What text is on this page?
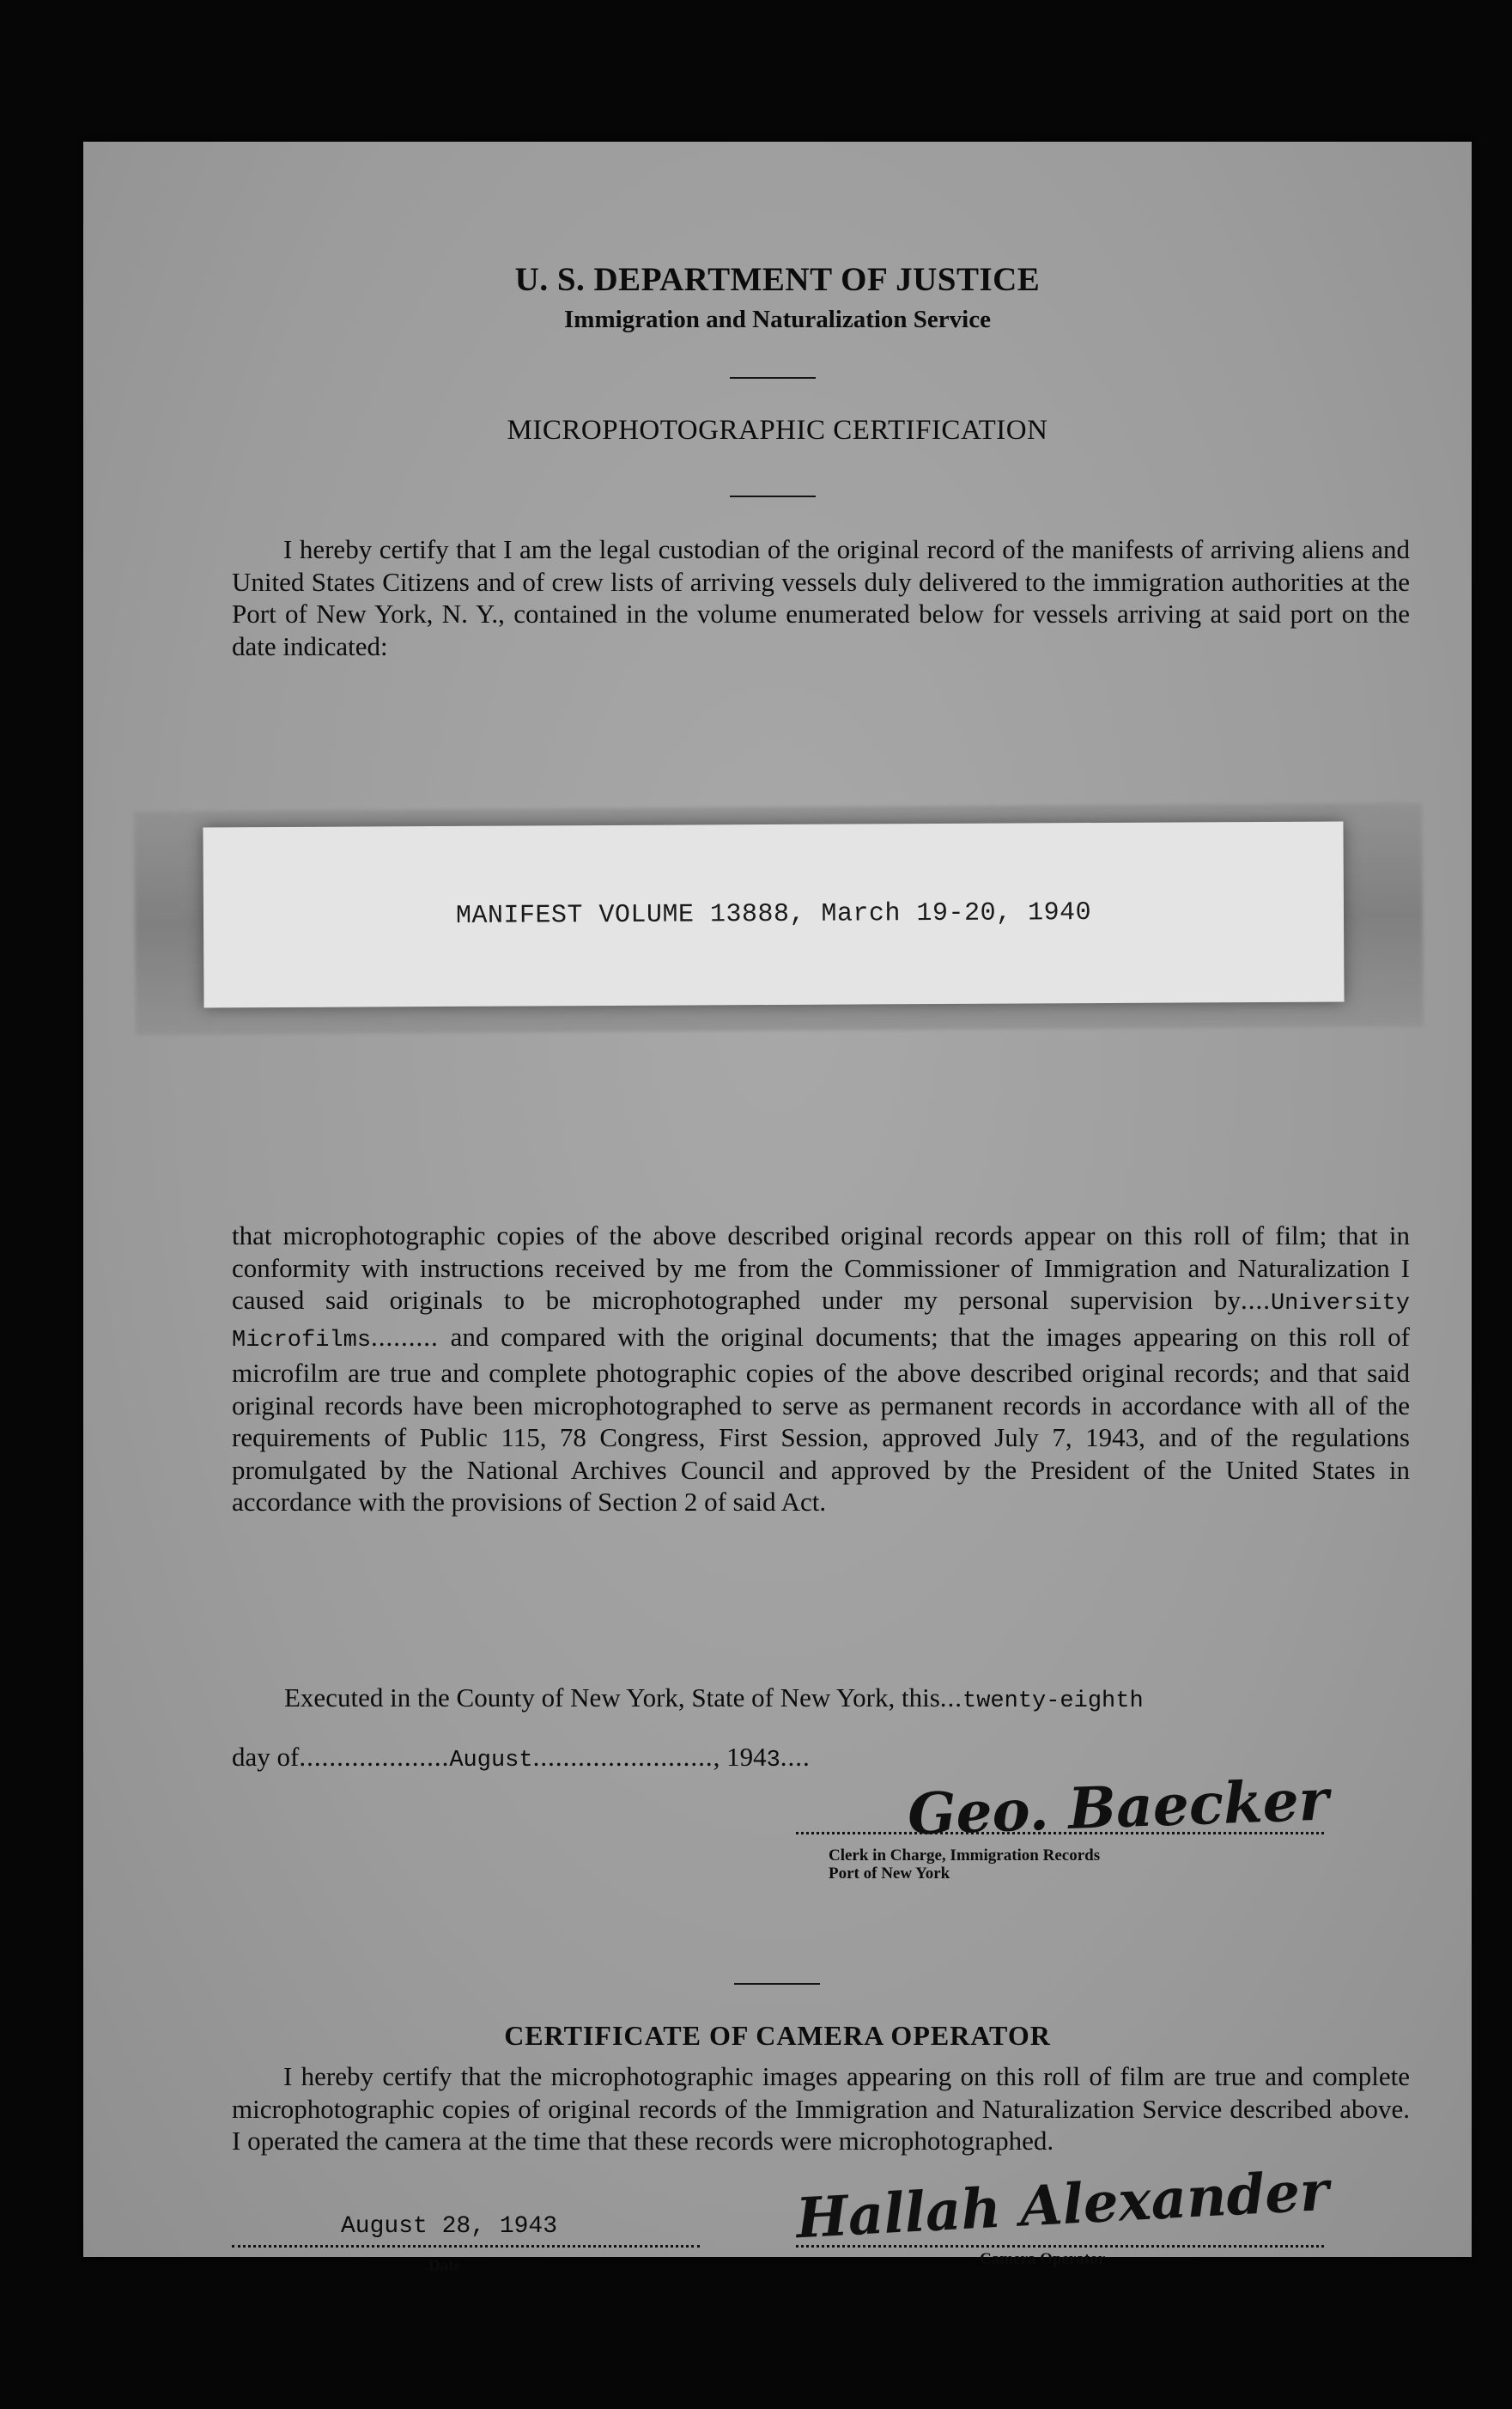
U. S. DEPARTMENT OF JUSTICE
Immigration and Naturalization Service
MICROPHOTOGRAPHIC CERTIFICATION
I hereby certify that I am the legal custodian of the original record of the manifests of arriving aliens and United States Citizens and of crew lists of arriving vessels duly delivered to the immigration authorities at the Port of New York, N. Y., contained in the volume enumerated below for vessels arriving at said port on the date indicated:
MANIFEST VOLUME 13888, March 19-20, 1940
that microphotographic copies of the above described original records appear on this roll of film; that in conformity with instructions received by me from the Commissioner of Immigration and Naturalization I caused said originals to be microphotographed under my personal supervision by....University Microfilms......... and compared with the original documents; that the images appearing on this roll of microfilm are true and complete photographic copies of the above described original records; and that said original records have been microphotographed to serve as permanent records in accordance with all of the requirements of Public 115, 78 Congress, First Session, approved July 7, 1943, and of the regulations promulgated by the National Archives Council and approved by the President of the United States in accordance with the provisions of Section 2 of said Act.
Executed in the County of New York, State of New York, this...twenty-eighth
day of....................August........................, 1943....
Geo. Baecker
Clerk in Charge, Immigration Records
Port of New York
CERTIFICATE OF CAMERA OPERATOR
I hereby certify that the microphotographic images appearing on this roll of film are true and complete microphotographic copies of original records of the Immigration and Naturalization Service described above. I operated the camera at the time that these records were microphotographed.
August 28, 1943
Date
Hallah Alexander
Camera Operator
